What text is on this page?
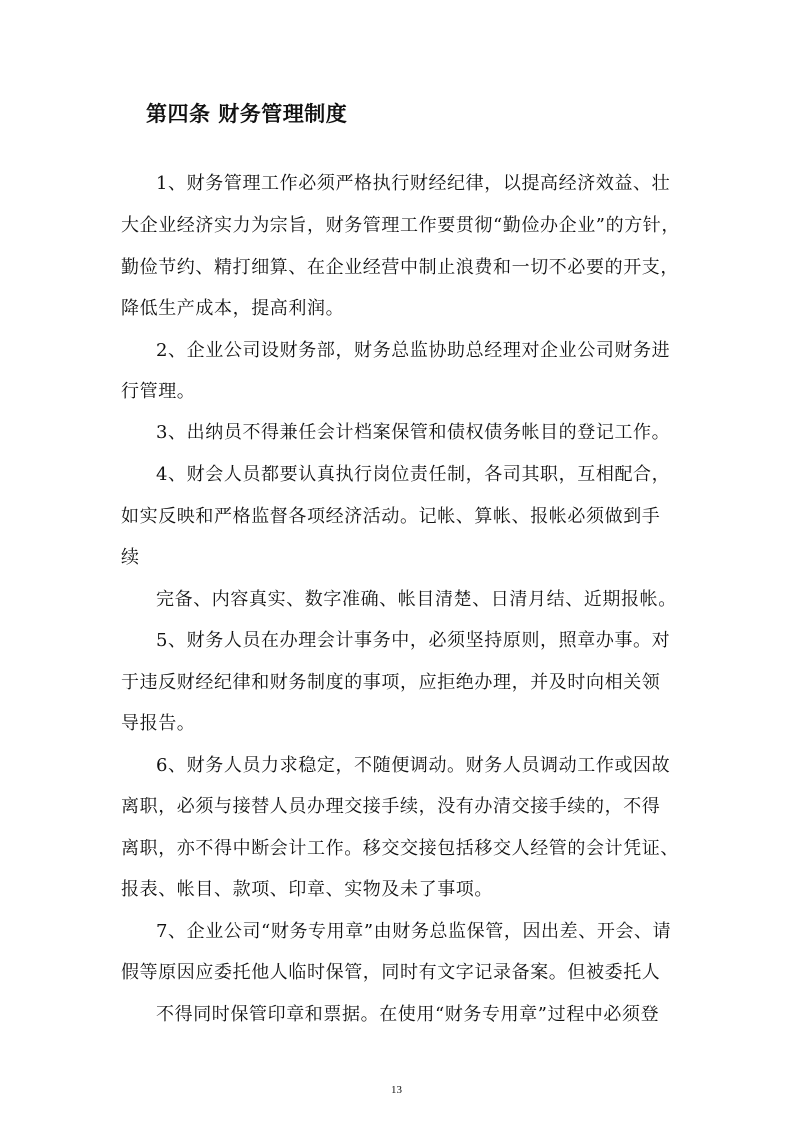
第四条 财务管理制度
1、财务管理工作必须严格执行财经纪律，以提高经济效益、壮
大企业经济实力为宗旨，财务管理工作要贯彻“勤俭办企业”的方针，
勤俭节约、精打细算、在企业经营中制止浪费和一切不必要的开支，
降低生产成本，提高利润。
2、企业公司设财务部，财务总监协助总经理对企业公司财务进
行管理。
3、出纳员不得兼任会计档案保管和债权债务帐目的登记工作。
4、财会人员都要认真执行岗位责任制，各司其职，互相配合，
如实反映和严格监督各项经济活动。记帐、算帐、报帐必须做到手
续
完备、内容真实、数字准确、帐目清楚、日清月结、近期报帐。
5、财务人员在办理会计事务中，必须坚持原则，照章办事。对
于违反财经纪律和财务制度的事项，应拒绝办理，并及时向相关领
导报告。
6、财务人员力求稳定，不随便调动。财务人员调动工作或因故
离职，必须与接替人员办理交接手续，没有办清交接手续的，不得
离职，亦不得中断会计工作。移交交接包括移交人经管的会计凭证、
报表、帐目、款项、印章、实物及未了事项。
7、企业公司“财务专用章”由财务总监保管，因出差、开会、请
假等原因应委托他人临时保管，同时有文字记录备案。但被委托人
不得同时保管印章和票据。在使用“财务专用章”过程中必须登
13
